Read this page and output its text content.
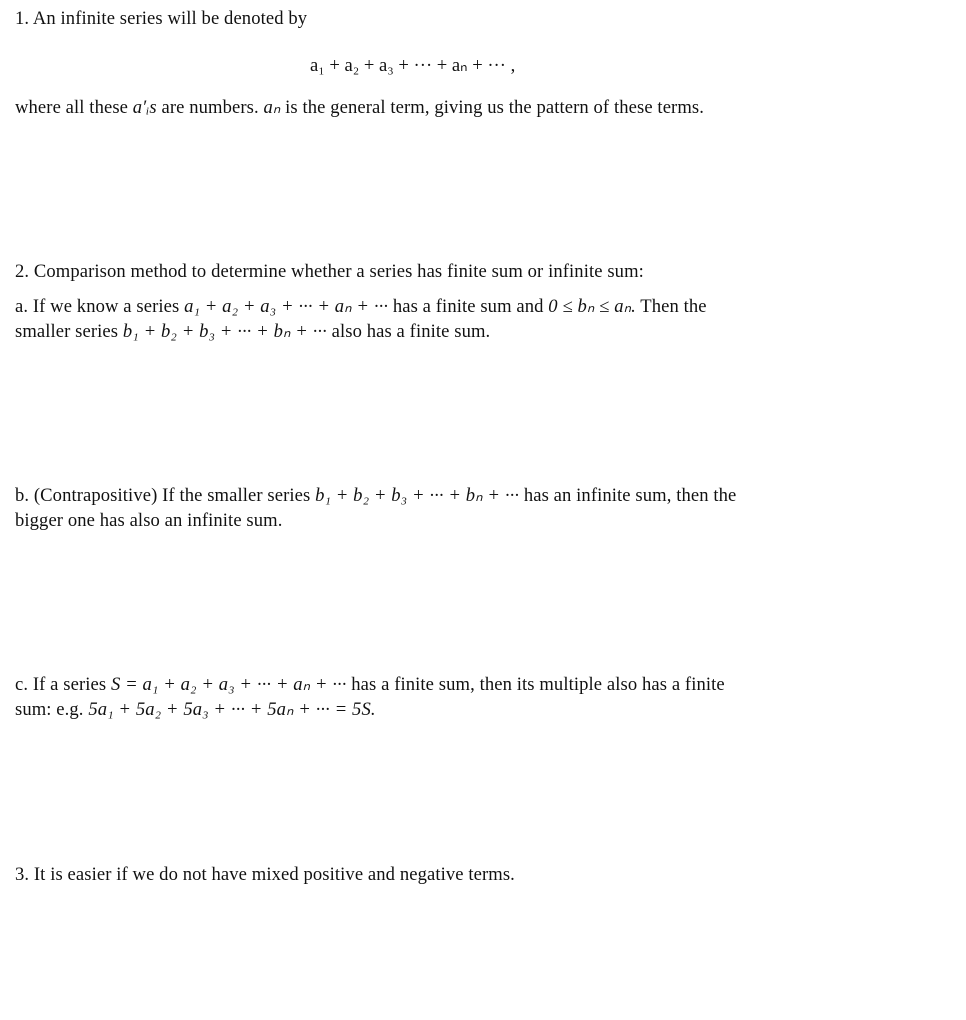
1. An infinite series will be denoted by
a₁ + a₂ + a₃ + ··· + aₙ + ··· ,
where all these a′ᵢs are numbers. aₙ is the general term, giving us the pattern of these terms.
2. Comparison method to determine whether a series has finite sum or infinite sum:
a. If we know a series a₁ + a₂ + a₃ + ··· + aₙ + ··· has a finite sum and 0 ≤ bₙ ≤ aₙ. Then the
smaller series b₁ + b₂ + b₃ + ··· + bₙ + ··· also has a finite sum.
b. (Contrapositive) If the smaller series b₁ + b₂ + b₃ + ··· + bₙ + ··· has an infinite sum, then the
bigger one has also an infinite sum.
c. If a series S = a₁ + a₂ + a₃ + ··· + aₙ + ··· has a finite sum, then its multiple also has a finite
sum: e.g. 5a₁ + 5a₂ + 5a₃ + ··· + 5aₙ + ··· = 5S.
3. It is easier if we do not have mixed positive and negative terms.
